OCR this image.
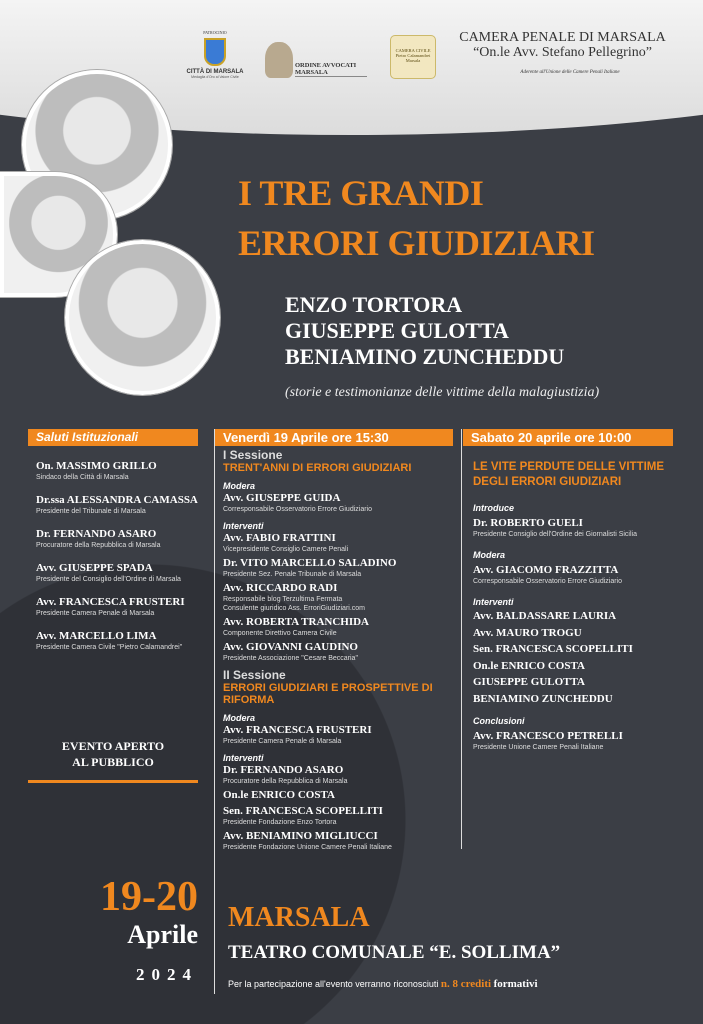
PATROCINIO
CITTÀ DI MARSALA
Medaglia d'Oro al Valore Civile
ORDINE AVVOCATI MARSALA
CAMERA CIVILE Pietro Calamandrei Marsala
CAMERA PENALE DI MARSALA
“On.le Avv. Stefano Pellegrino”
Aderente all'Unione delle Camere Penali Italiane
I TRE GRANDI
ERRORI GIUDIZIARI
ENZO TORTORA
GIUSEPPE GULOTTA
BENIAMINO ZUNCHEDDU
(storie e testimonianze delle vittime della malagiustizia)
Saluti Istituzionali
On. MASSIMO GRILLO
Sindaco della Città di Marsala
Dr.ssa ALESSANDRA CAMASSA
Presidente del Tribunale di Marsala
Dr. FERNANDO ASARO
Procuratore della Repubblica di Marsala
Avv. GIUSEPPE SPADA
Presidente del Consiglio dell'Ordine di Marsala
Avv. FRANCESCA FRUSTERI
Presidente Camera Penale di Marsala
Avv. MARCELLO LIMA
Presidente Camera Civile "Pietro Calamandrei"
EVENTO APERTO
AL PUBBLICO
Venerdì 19 Aprile ore 15:30
I Sessione
TRENT'ANNI DI ERRORI GIUDIZIARI
Modera
Avv. GIUSEPPE GUIDA
Corresponsabile Osservatorio Errore Giudiziario
Interventi
Avv. FABIO FRATTINI
Vicepresidente Consiglio Camere Penali
Dr. VITO MARCELLO SALADINO
Presidente Sez. Penale Tribunale di Marsala
Avv. RICCARDO RADI
Responsabile blog Terzultima Fermata
Consulente giuridico Ass. ErroriGiudiziari.com
Avv. ROBERTA TRANCHIDA
Componente Direttivo Camera Civile
Avv. GIOVANNI GAUDINO
Presidente Associazione "Cesare Beccaria"
II Sessione
ERRORI GIUDIZIARI E PROSPETTIVE DI RIFORMA
Modera
Avv. FRANCESCA FRUSTERI
Presidente Camera Penale di Marsala
Interventi
Dr. FERNANDO ASARO
Procuratore della Repubblica di Marsala
On.le ENRICO COSTA
Sen. FRANCESCA SCOPELLITI
Presidente Fondazione Enzo Tortora
Avv. BENIAMINO MIGLIUCCI
Presidente Fondazione Unione Camere Penali Italiane
Sabato 20 aprile ore 10:00
LE VITE PERDUTE DELLE VITTIME DEGLI ERRORI GIUDIZIARI
Introduce
Dr. ROBERTO GUELI
Presidente Consiglio dell'Ordine dei Giornalisti Sicilia
Modera
Avv. GIACOMO FRAZZITTA
Corresponsabile Osservatorio Errore Giudiziario
Interventi
Avv. BALDASSARE LAURIA
Avv. MAURO TROGU
Sen. FRANCESCA SCOPELLITI
On.le ENRICO COSTA
GIUSEPPE GULOTTA
BENIAMINO ZUNCHEDDU
Conclusioni
Avv. FRANCESCO PETRELLI
Presidente Unione Camere Penali Italiane
19-20
Aprile
2024
MARSALA
TEATRO COMUNALE “E. SOLLIMA”
Per la partecipazione all'evento verranno riconosciuti n. 8 crediti formativi
